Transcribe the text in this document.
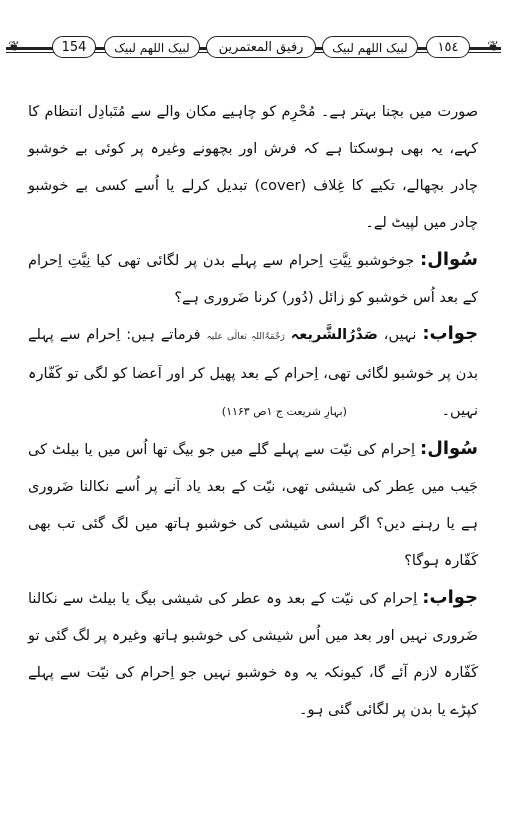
❦	154	لبیک اللھم لبیک	رفیق المعتمرین	لبیک اللھم لبیک	١٥٤	❦

صورت میں بچنا بہتر ہے۔ مُحْرِم کو چاہیے مکان والے سے مُتَبادِل انتظام کا کہے، یہ بھی ہوسکتا ہے کہ فرش اور بچھونے وغیرہ پر کوئی بے خوشبو چادر بچھالے، تکیے کا غِلاف (cover) تبدیل کرلے یا اُسے کسی بے خوشبو چادر میں لپیٹ لے۔

سُوال: جوخوشبو نِیَّتِ اِحرام سے پہلے بدن پر لگائی تھی کیا نِیَّتِ اِحرام کے بعد اُس خوشبو کو زائل (دُور) کرنا ضَروری ہے؟

جواب: نہیں، صَدْرُالشَّریعہ رَحْمَۃُاللہِ تعالٰی علیہ فرماتے ہیں: اِحرام سے پہلے بدن پر خوشبو لگائی تھی، اِحرام کے بعد پھیل کر اور اَعضا کو لگی تو کَفّارہ نہیں۔ (بہارِ شریعت ج ۱ص ۱۱۶۳)

سُوال: اِحرام کی نیّت سے پہلے گلے میں جو بیگ تھا اُس میں یا بیلٹ کی جَیب میں عِطر کی شیشی تھی، نیّت کے بعد یاد آنے پر اُسے نکالنا ضَروری ہے یا رہنے دیں؟ اگر اسی شیشی کی خوشبو ہاتھ میں لگ گئی تب بھی کَفّارہ ہوگا؟

جواب: اِحرام کی نیّت کے بعد وہ عطر کی شیشی بیگ یا بیلٹ سے نکالنا ضَروری نہیں اور بعد میں اُس شیشی کی خوشبو ہاتھ وغیرہ پر لگ گئی تو کَفّارہ لازم آئے گا، کیونکہ یہ وہ خوشبو نہیں جو اِحرام کی نیّت سے پہلے کپڑے یا بدن پر لگائی گئی ہو۔
